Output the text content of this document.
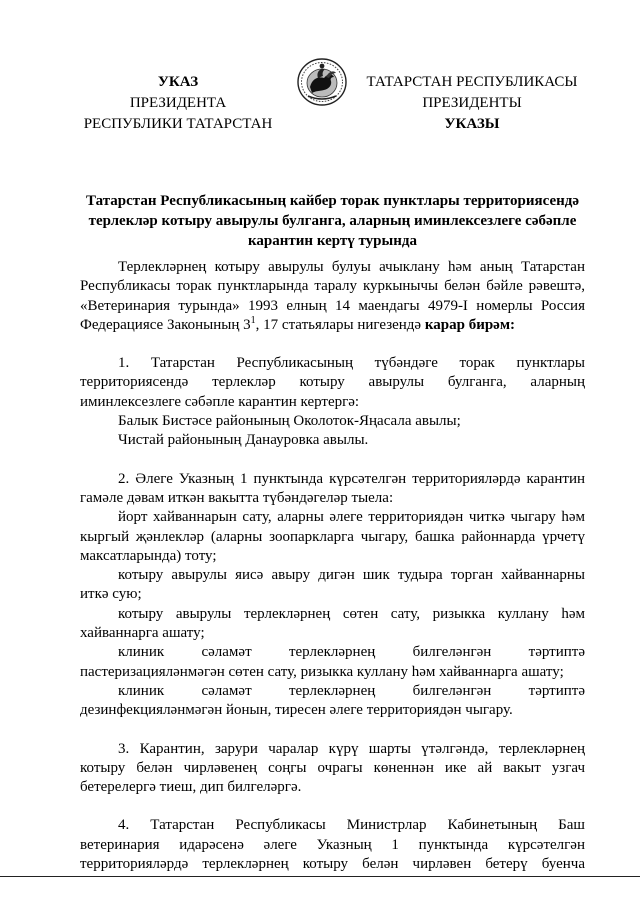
УКАЗ
ПРЕЗИДЕНТА
РЕСПУБЛИКИ ТАТАРСТАН
ТАТАРСТАН РЕСПУБЛИКАСЫ
ПРЕЗИДЕНТЫ
УКАЗЫ
Татарстан Республикасының кайбер торак пунктлары территориясендә
терлекләр котыру авырулы булганга, аларның иминлексезлеге сәбәпле
карантин кертү турында

Терлекләрнең котыру авырулы булуы ачыклану һәм аның Татарстан

Республикасы торак пунктларында таралу куркынычы белән бәйле рәвештә,

«Ветеринария турында» 1993 елның 14 маендагы 4979-I номерлы Россия

Федерациясе Законының $3^1$, 17 статьялары нигезендә карар бирәм:

1. Татарстан Республикасының түбәндәге торак пунктлары

территориясендә терлекләр котыру авырулы булганга, аларның

иминлексезлеге сәбәпле карантин кертергә:

Балык Бистәсе районының Околоток-Яңасала авылы;

Чистай районының Данауровка авылы.

2. Әлеге Указның 1 пунктында күрсәтелгән территорияләрдә карантин

гамәле дәвам иткән вакытта түбәндәгеләр тыела:

йорт хайваннарын сату, аларны әлеге территориядән читкә чыгару һәм

кыргый җәнлекләр (аларны зоопаркларга чыгару, башка районнарда үрчетү

максатларында) тоту;

котыру авырулы яисә авыру дигән шик тудыра торган хайваннарны

иткә сую;

котыру авырулы терлекләрнең сөтен сату, ризыкка куллану һәм

хайваннарга ашату;

клиник сәламәт терлекләрнең билгеләнгән тәртиптә

пастеризацияләнмәгән сөтен сату, ризыкка куллану һәм хайваннарга ашату;

клиник сәламәт терлекләрнең билгеләнгән тәртиптә

дезинфекцияләнмәгән йонын, тиресен әлеге территориядән чыгару.

3. Карантин, зарури чаралар күрү шарты үтәлгәндә, терлекләрнең

котыру белән чирләвенең соңгы очрагы көненнән ике ай вакыт узгач

бетерелергә тиеш, дип билгеләргә.

4. Татарстан Республикасы Министрлар Кабинетының Баш

ветеринария идарәсенә әлеге Указның 1 пунктында күрсәтелгән

территорияләрдә терлекләрнең котыру белән чирләвен бетерү буенча
